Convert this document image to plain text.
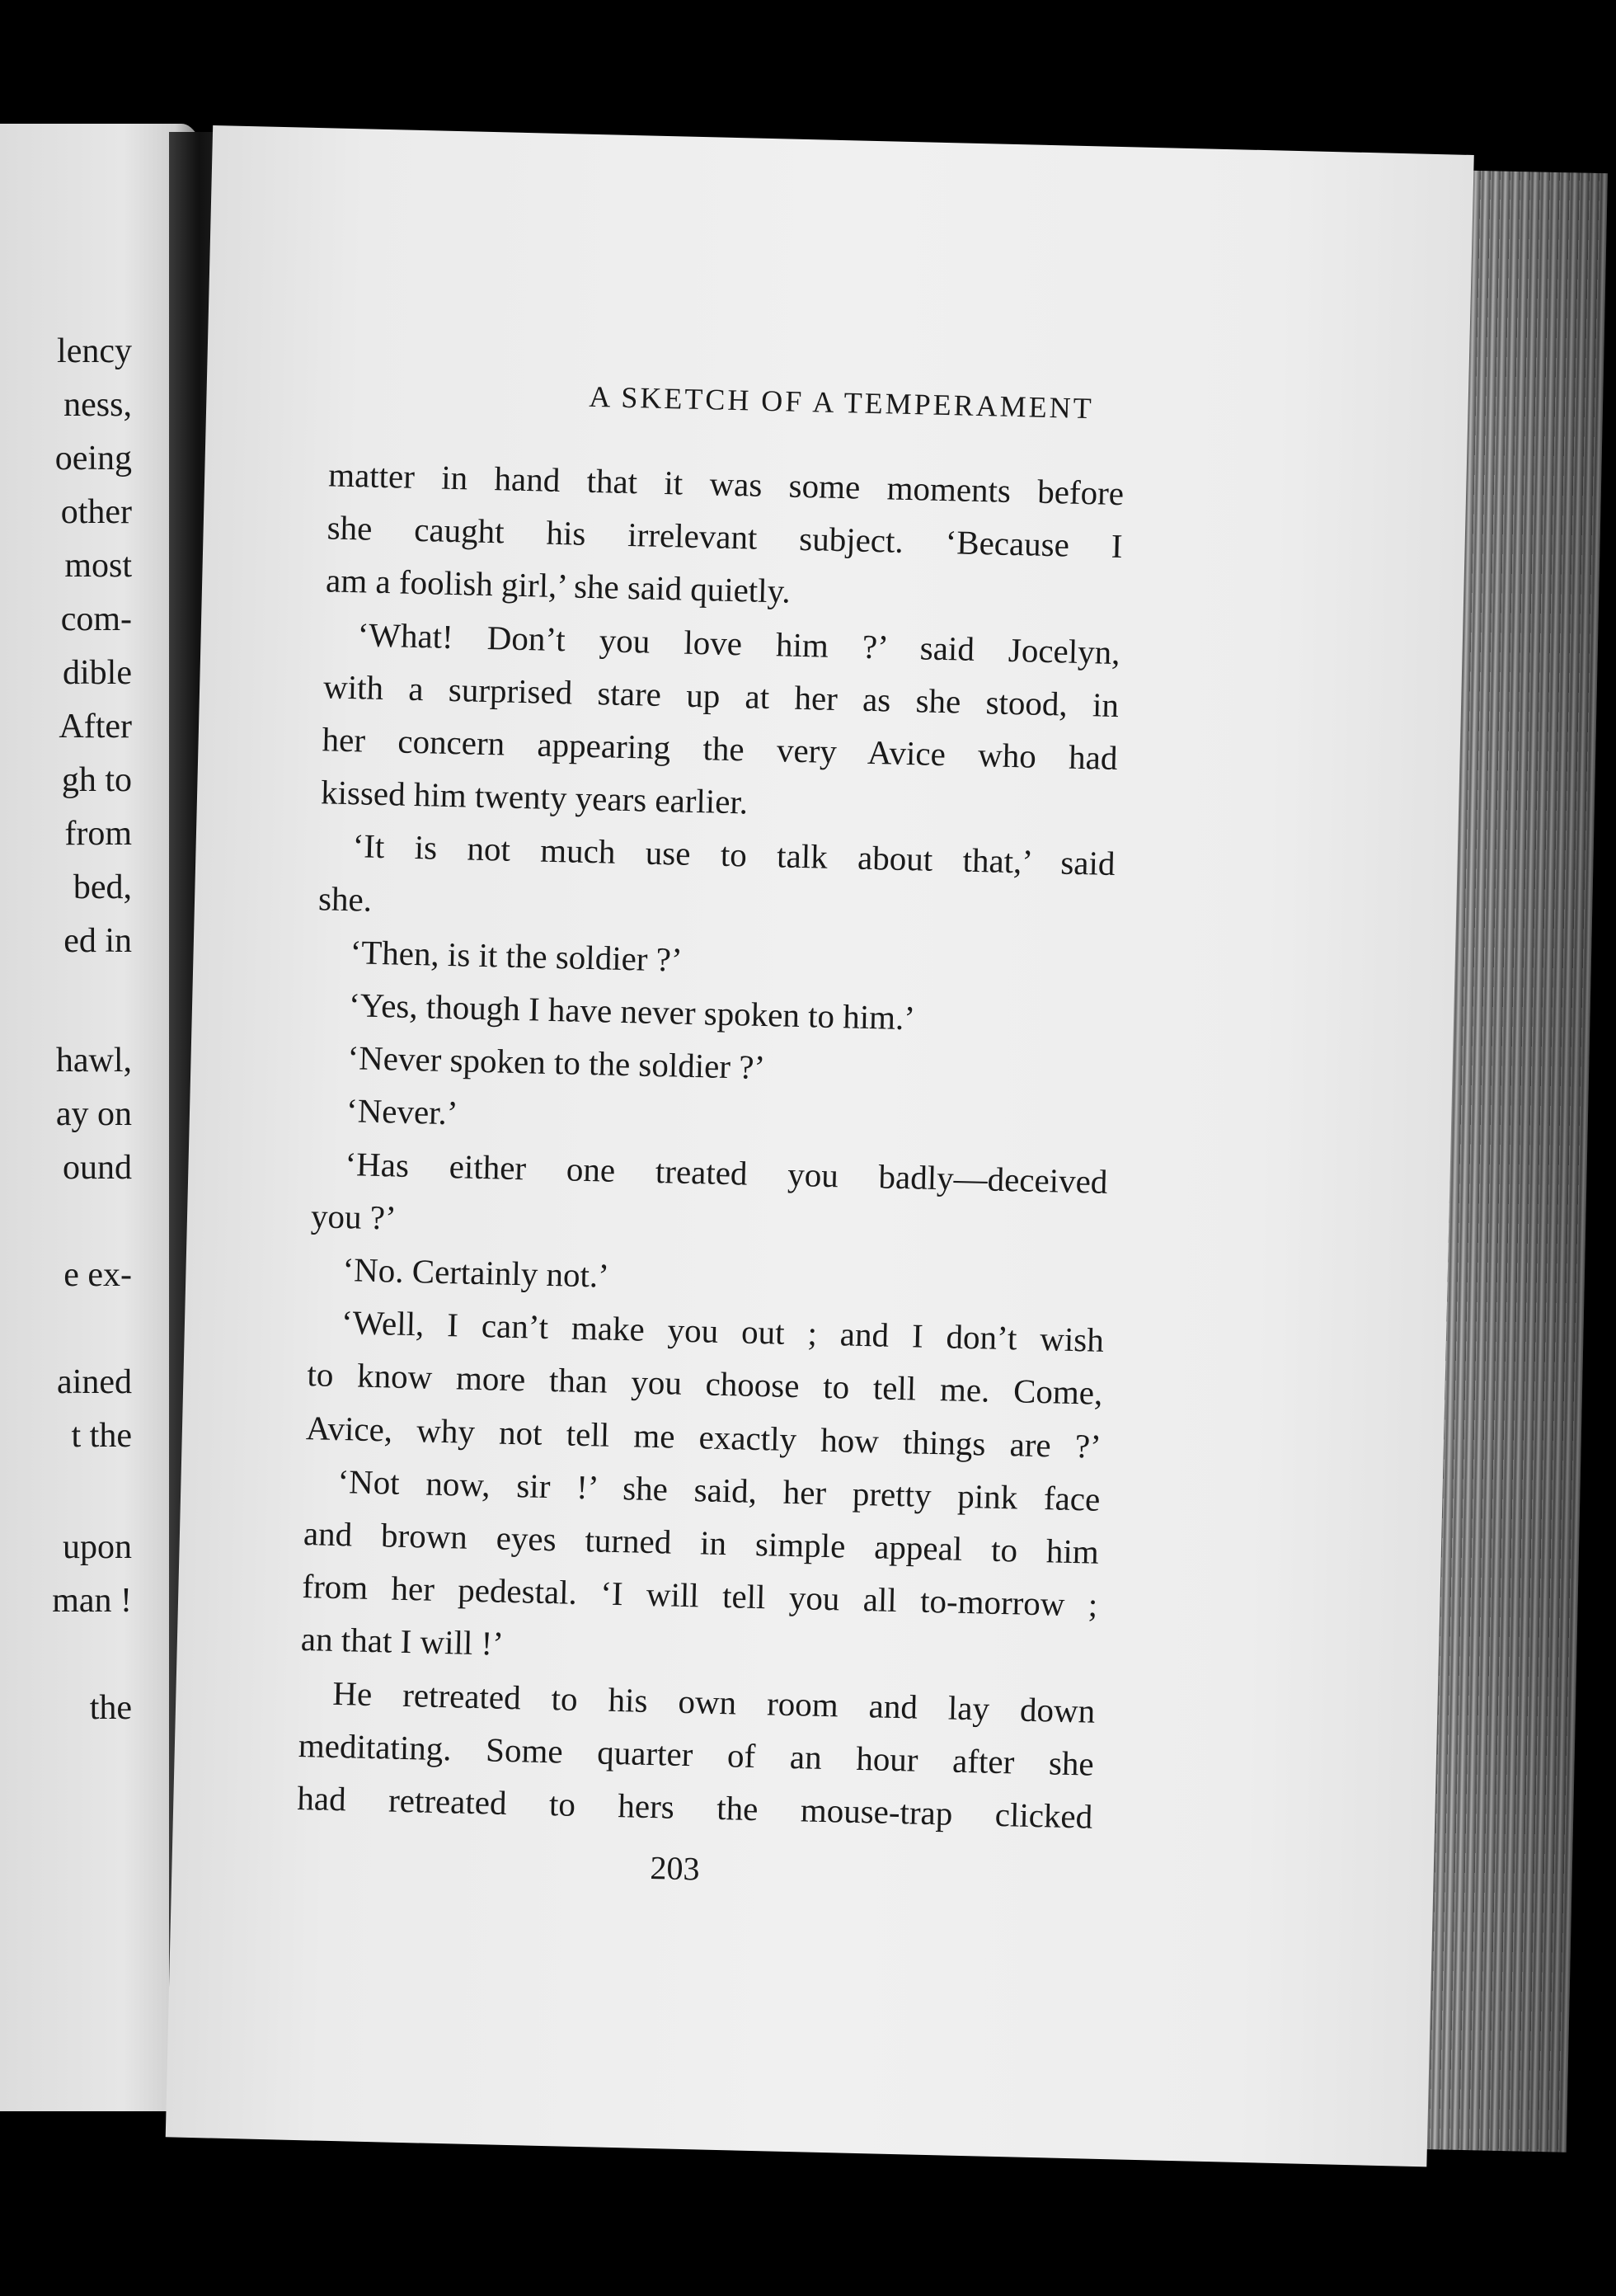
lency
ness,
oeing
other
most
com-
dible
After
gh to
from
bed,
ed in
hawl,
ay on
ound
e ex-
ained
t the
upon
man !
the
A SKETCH OF A TEMPERAMENT
matter in hand that it was some moments before
she caught his irrelevant subject. ‘Because I
am a foolish girl,’ she said quietly.
‘What! Don’t you love him ?’ said Jocelyn,
with a surprised stare up at her as she stood, in
her concern appearing the very Avice who had
kissed him twenty years earlier.
‘It is not much use to talk about that,’ said
she.
‘Then, is it the soldier ?’
‘Yes, though I have never spoken to him.’
‘Never spoken to the soldier ?’
‘Never.’
‘Has either one treated you badly—deceived
you ?’
‘No. Certainly not.’
‘Well, I can’t make you out ; and I don’t wish
to know more than you choose to tell me. Come,
Avice, why not tell me exactly how things are ?’
‘Not now, sir !’ she said, her pretty pink face
and brown eyes turned in simple appeal to him
from her pedestal. ‘I will tell you all to-morrow ;
an that I will !’
He retreated to his own room and lay down
meditating. Some quarter of an hour after she
had retreated to hers the mouse-trap clicked
203
